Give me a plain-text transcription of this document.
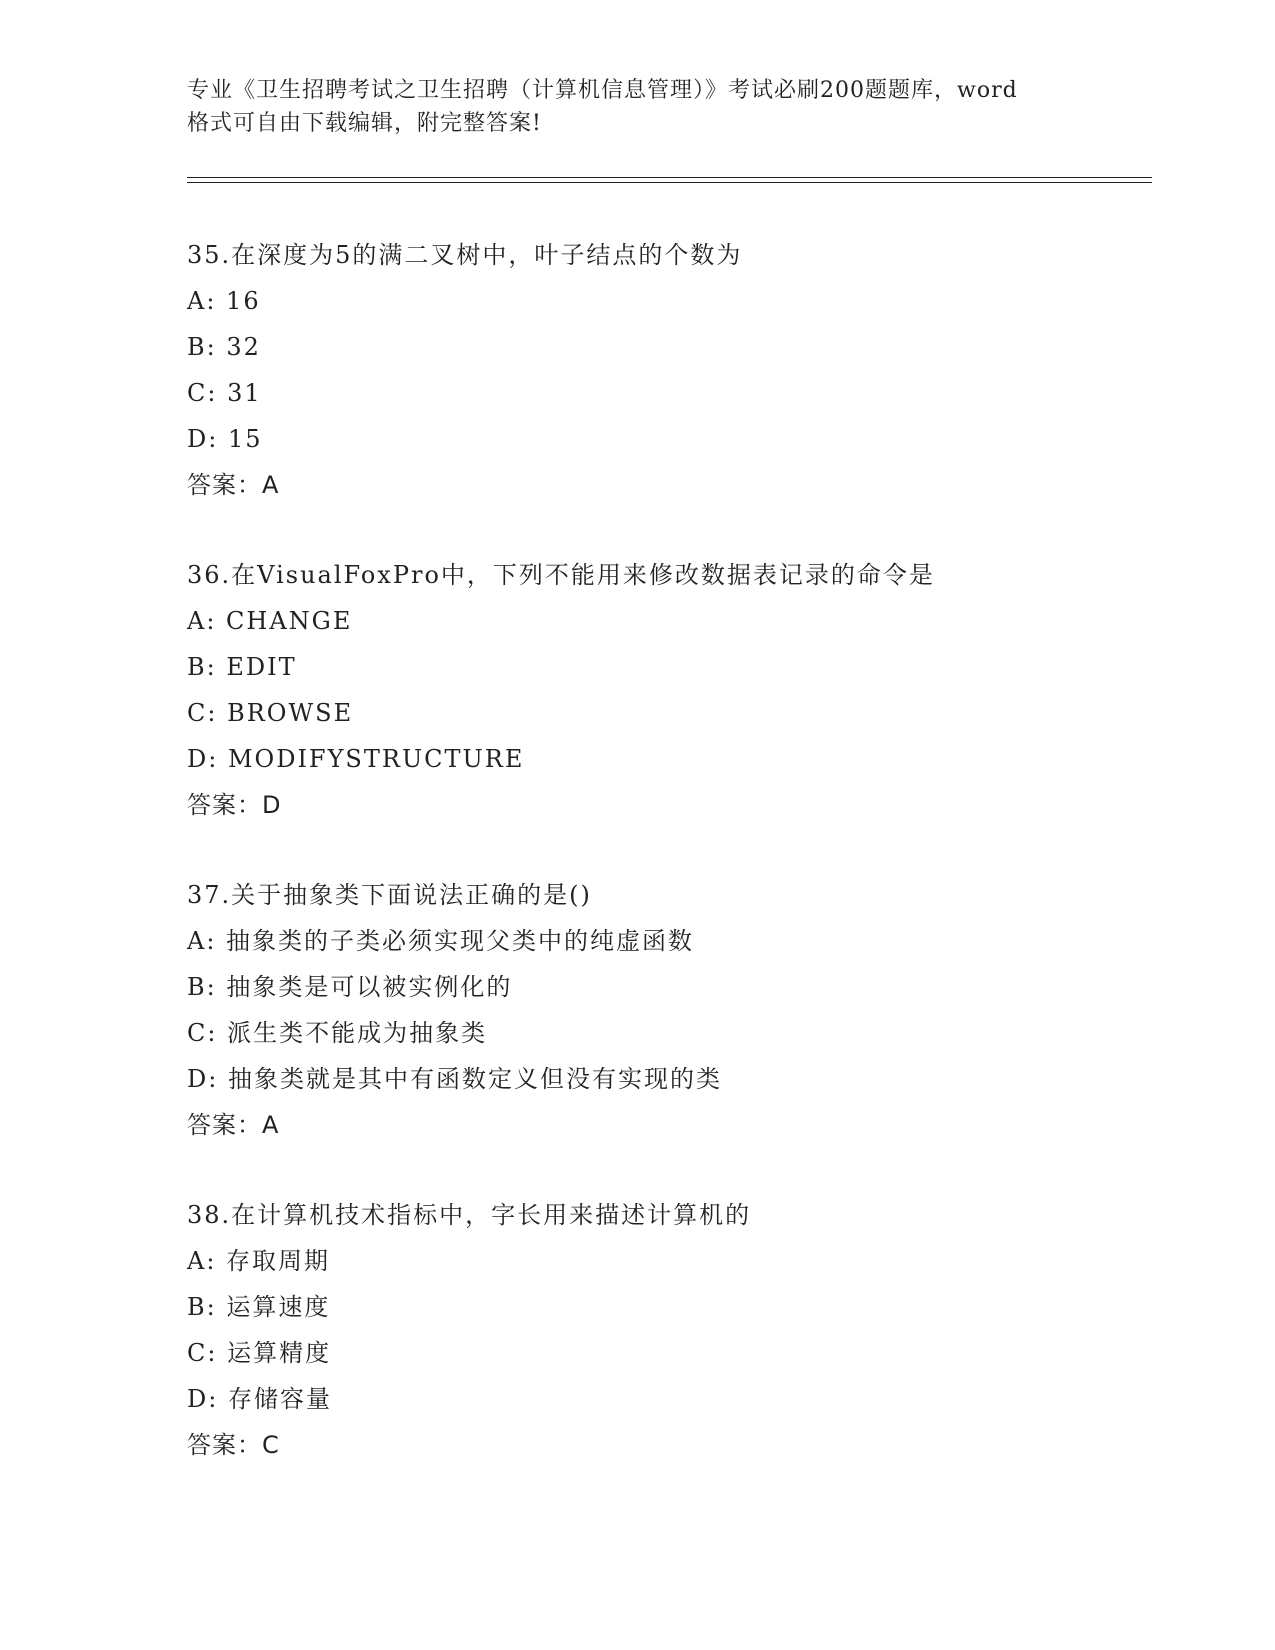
专业《卫生招聘考试之卫生招聘（计算机信息管理）》考试必刷200题题库，word
格式可自由下载编辑，附完整答案!
35.在深度为5的满二叉树中，叶子结点的个数为
A: 16
B: 32
C: 31
D: 15
答案：A
36.在VisualFoxPro中，下列不能用来修改数据表记录的命令是
A: CHANGE
B: EDIT
C: BROWSE
D: MODIFYSTRUCTURE
答案：D
37.关于抽象类下面说法正确的是()
A: 抽象类的子类必须实现父类中的纯虚函数
B: 抽象类是可以被实例化的
C: 派生类不能成为抽象类
D: 抽象类就是其中有函数定义但没有实现的类
答案：A
38.在计算机技术指标中，字长用来描述计算机的
A: 存取周期
B: 运算速度
C: 运算精度
D: 存储容量
答案：C
